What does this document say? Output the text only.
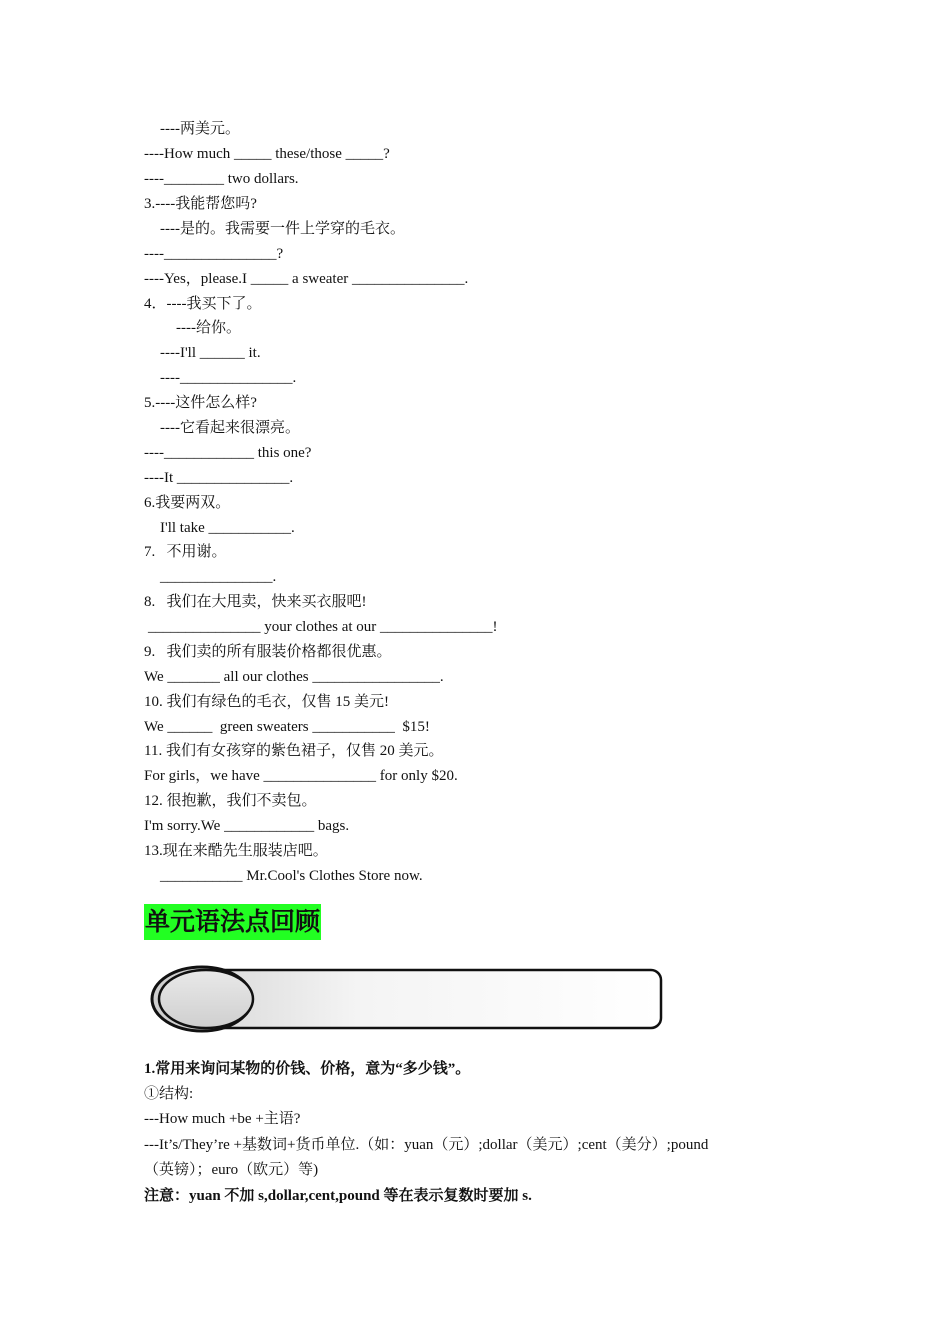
----两美元。
----How much _____ these/those _____?
----________ two dollars.
3.----我能帮您吗?
----是的。我需要一件上学穿的毛衣。
----_______________?
----Yes，please.I _____ a sweater _______________.
4．----我买下了。
----给你。
----I'll ______ it.
----_______________.
5.----这件怎么样?
----它看起来很漂亮。
----____________ this one?
----It _______________.
6.我要两双。
I'll take ___________.
7.   不用谢。
_______________.
8.   我们在大甩卖，快来买衣服吧!
_______________ your clothes at our _______________!
9.   我们卖的所有服装价格都很优惠。
We _______ all our clothes _________________.
10. 我们有绿色的毛衣，仅售 15 美元!
We ______  green sweaters ___________  $15!
11. 我们有女孩穿的紫色裙子，仅售 20 美元。
For girls，we have _______________ for only $20.
12. 很抱歉，我们不卖包。
I'm sorry.We ____________ bags.
13.现在来酷先生服装店吧。
___________ Mr.Cool's Clothes Store now.
单元语法点回顾
1.常用来询问某物的价钱、价格，意为“多少钱”。
①结构:
---How much +be +主语?
---It’s/They’re +基数词+货币单位.（如：yuan（元）;dollar（美元）;cent（美分）;pound
（英镑）；euro（欧元）等)
注意：yuan 不加 s,dollar,cent,pound 等在表示复数时要加 s.
